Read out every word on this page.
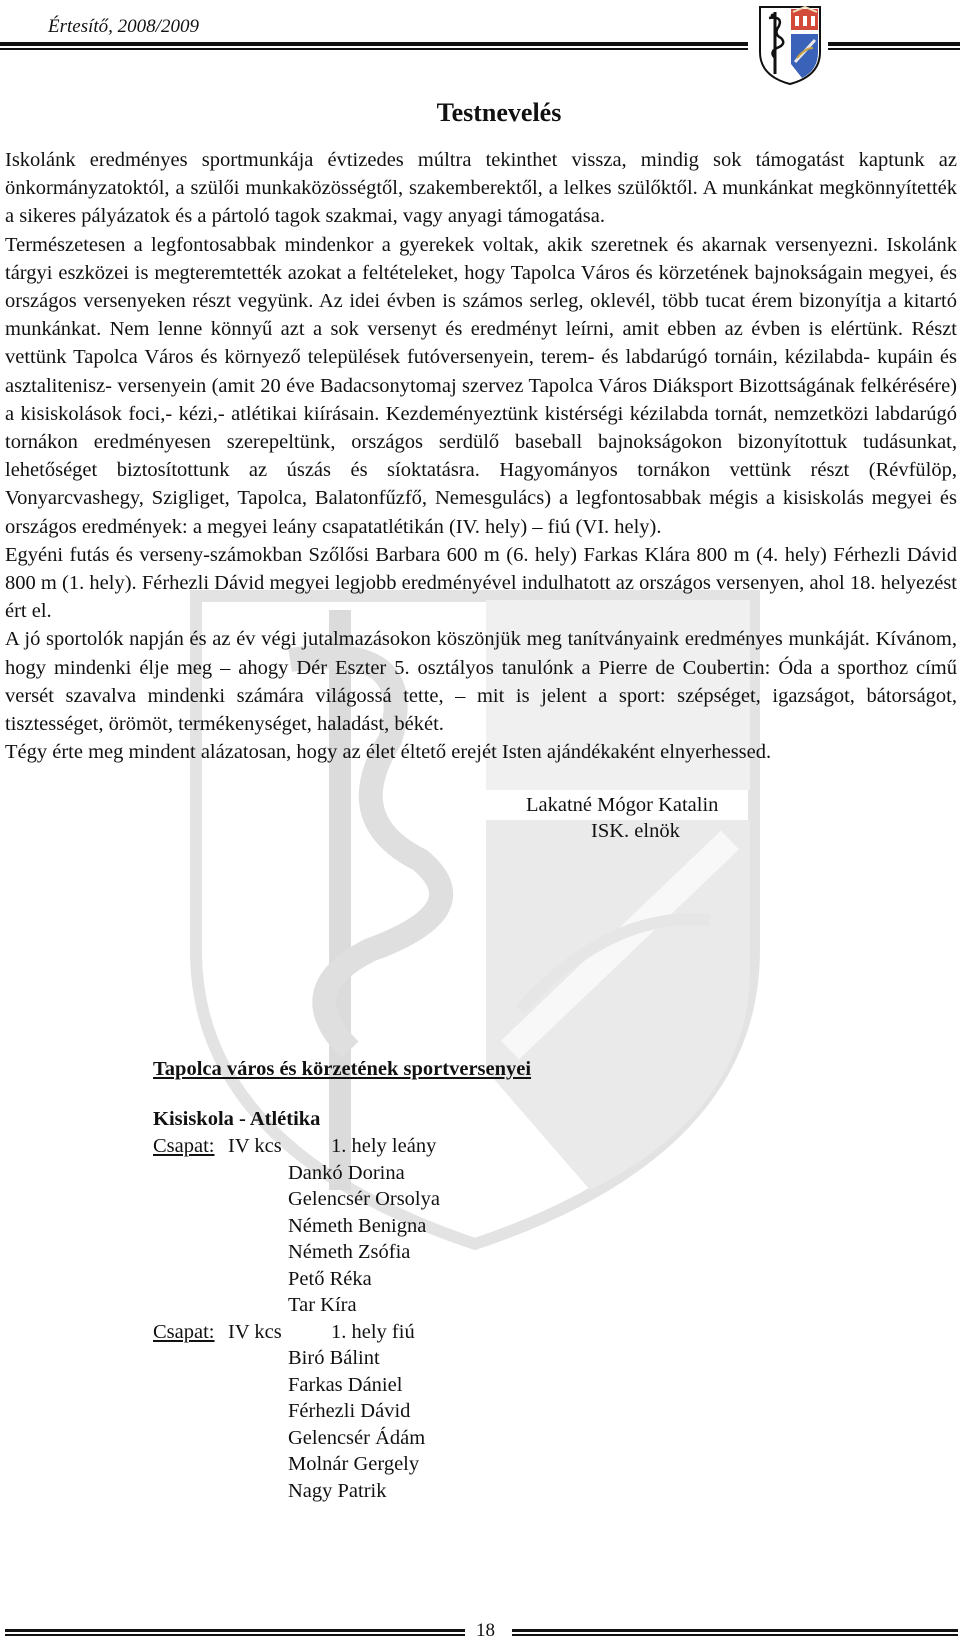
Értesítő, 2008/2009
Testnevelés

Iskolánk eredményes sportmunkája évtizedes múltra tekinthet vissza, mindig sok támogatást kaptunk az önkormányzatoktól, a szülői munkaközösségtől, szakemberektől, a lelkes szülőktől. A munkánkat megkönnyítették a sikeres pályázatok és a pártoló tagok szakmai, vagy anyagi támogatása.

Természetesen a legfontosabbak mindenkor a gyerekek voltak, akik szeretnek és akarnak versenyezni. Iskolánk tárgyi eszközei is megteremtették azokat a feltételeket, hogy Tapolca Város és körzetének bajnokságain megyei, és országos versenyeken részt vegyünk. Az idei évben is számos serleg, oklevél, több tucat érem bizonyítja a kitartó munkánkat. Nem lenne könnyű azt a sok versenyt és eredményt leírni, amit ebben az évben is elértünk. Részt vettünk Tapolca Város és környező települések futóversenyein, terem- és labdarúgó tornáin, kézilabda- kupáin és asztalitenisz- versenyein (amit 20 éve Badacsonytomaj szervez Tapolca Város Diáksport Bizottságának felkérésére) a kisiskolások foci,- kézi,- atlétikai kiírásain. Kezdeményeztünk kistérségi kézilabda tornát, nemzetközi labdarúgó tornákon eredményesen szerepeltünk, országos serdülő baseball bajnokságokon bizonyítottuk tudásunkat, lehetőséget biztosítottunk az úszás és síoktatásra. Hagyományos tornákon vettünk részt (Révfülöp, Vonyarcvashegy, Szigliget, Tapolca, Balatonfűzfő, Nemesgulács) a legfontosabbak mégis a kisiskolás megyei és országos eredmények: a megyei leány csapatatlétikán (IV. hely) – fiú (VI. hely).

Egyéni futás és verseny-számokban Szőlősi Barbara 600 m (6. hely) Farkas Klára 800 m (4. hely) Férhezli Dávid 800 m (1. hely). Férhezli Dávid megyei legjobb eredményével indulhatott az országos versenyen, ahol 18. helyezést ért el.

A jó sportolók napján és az év végi jutalmazásokon köszönjük meg tanítványaink eredményes munkáját. Kívánom, hogy mindenki élje meg – ahogy Dér Eszter 5. osztályos tanulónk a Pierre de Coubertin: Óda a sporthoz című versét szavalva mindenki számára világossá tette, – mit is jelent a sport: szépséget, igazságot, bátorságot, tisztességet, örömöt, termékenységet, haladást, békét.

Tégy érte meg mindent alázatosan, hogy az élet éltető erejét Isten ajándékaként elnyerhessed.

Lakatné Mógor Katalin
ISK. elnök
Tapolca város és körzetének sportversenyei
Kisiskola - Atlétika
Csapat: IV kcs 1. hely leány
Dankó Dorina
Gelencsér Orsolya
Németh Benigna
Németh Zsófia
Pető Réka
Tar Kíra
Csapat: IV kcs 1. hely fiú
Biró Bálint
Farkas Dániel
Férhezli Dávid
Gelencsér Ádám
Molnár Gergely
Nagy Patrik
18
